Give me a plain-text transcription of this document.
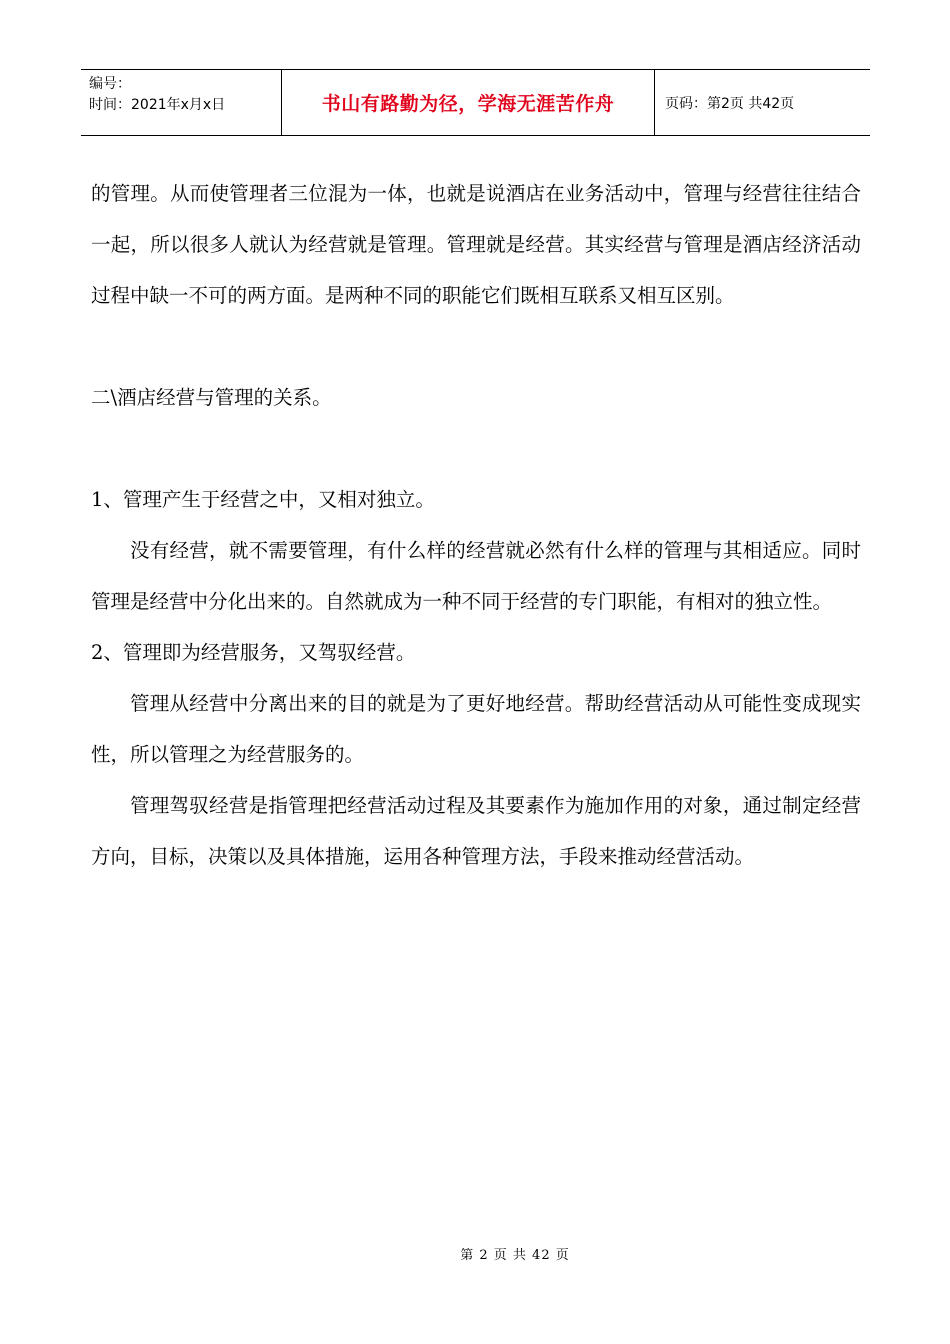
编号：
时间：2021年x月x日	书山有路勤为径，学海无涯苦作舟	页码：第2页 共42页

的管理。从而使管理者三位混为一体，也就是说酒店在业务活动中，管理与经营往往结合一起，所以很多人就认为经营就是管理。管理就是经营。其实经营与管理是酒店经济活动过程中缺一不可的两方面。是两种不同的职能它们既相互联系又相互区别。

二\酒店经营与管理的关系。

1、管理产生于经营之中，又相对独立。

没有经营，就不需要管理，有什么样的经营就必然有什么样的管理与其相适应。同时管理是经营中分化出来的。自然就成为一种不同于经营的专门职能，有相对的独立性。

2、管理即为经营服务，又驾驭经营。

管理从经营中分离出来的目的就是为了更好地经营。帮助经营活动从可能性变成现实性，所以管理之为经营服务的。

管理驾驭经营是指管理把经营活动过程及其要素作为施加作用的对象，通过制定经营方向，目标，决策以及具体措施，运用各种管理方法，手段来推动经营活动。

第 2 页 共 42 页
